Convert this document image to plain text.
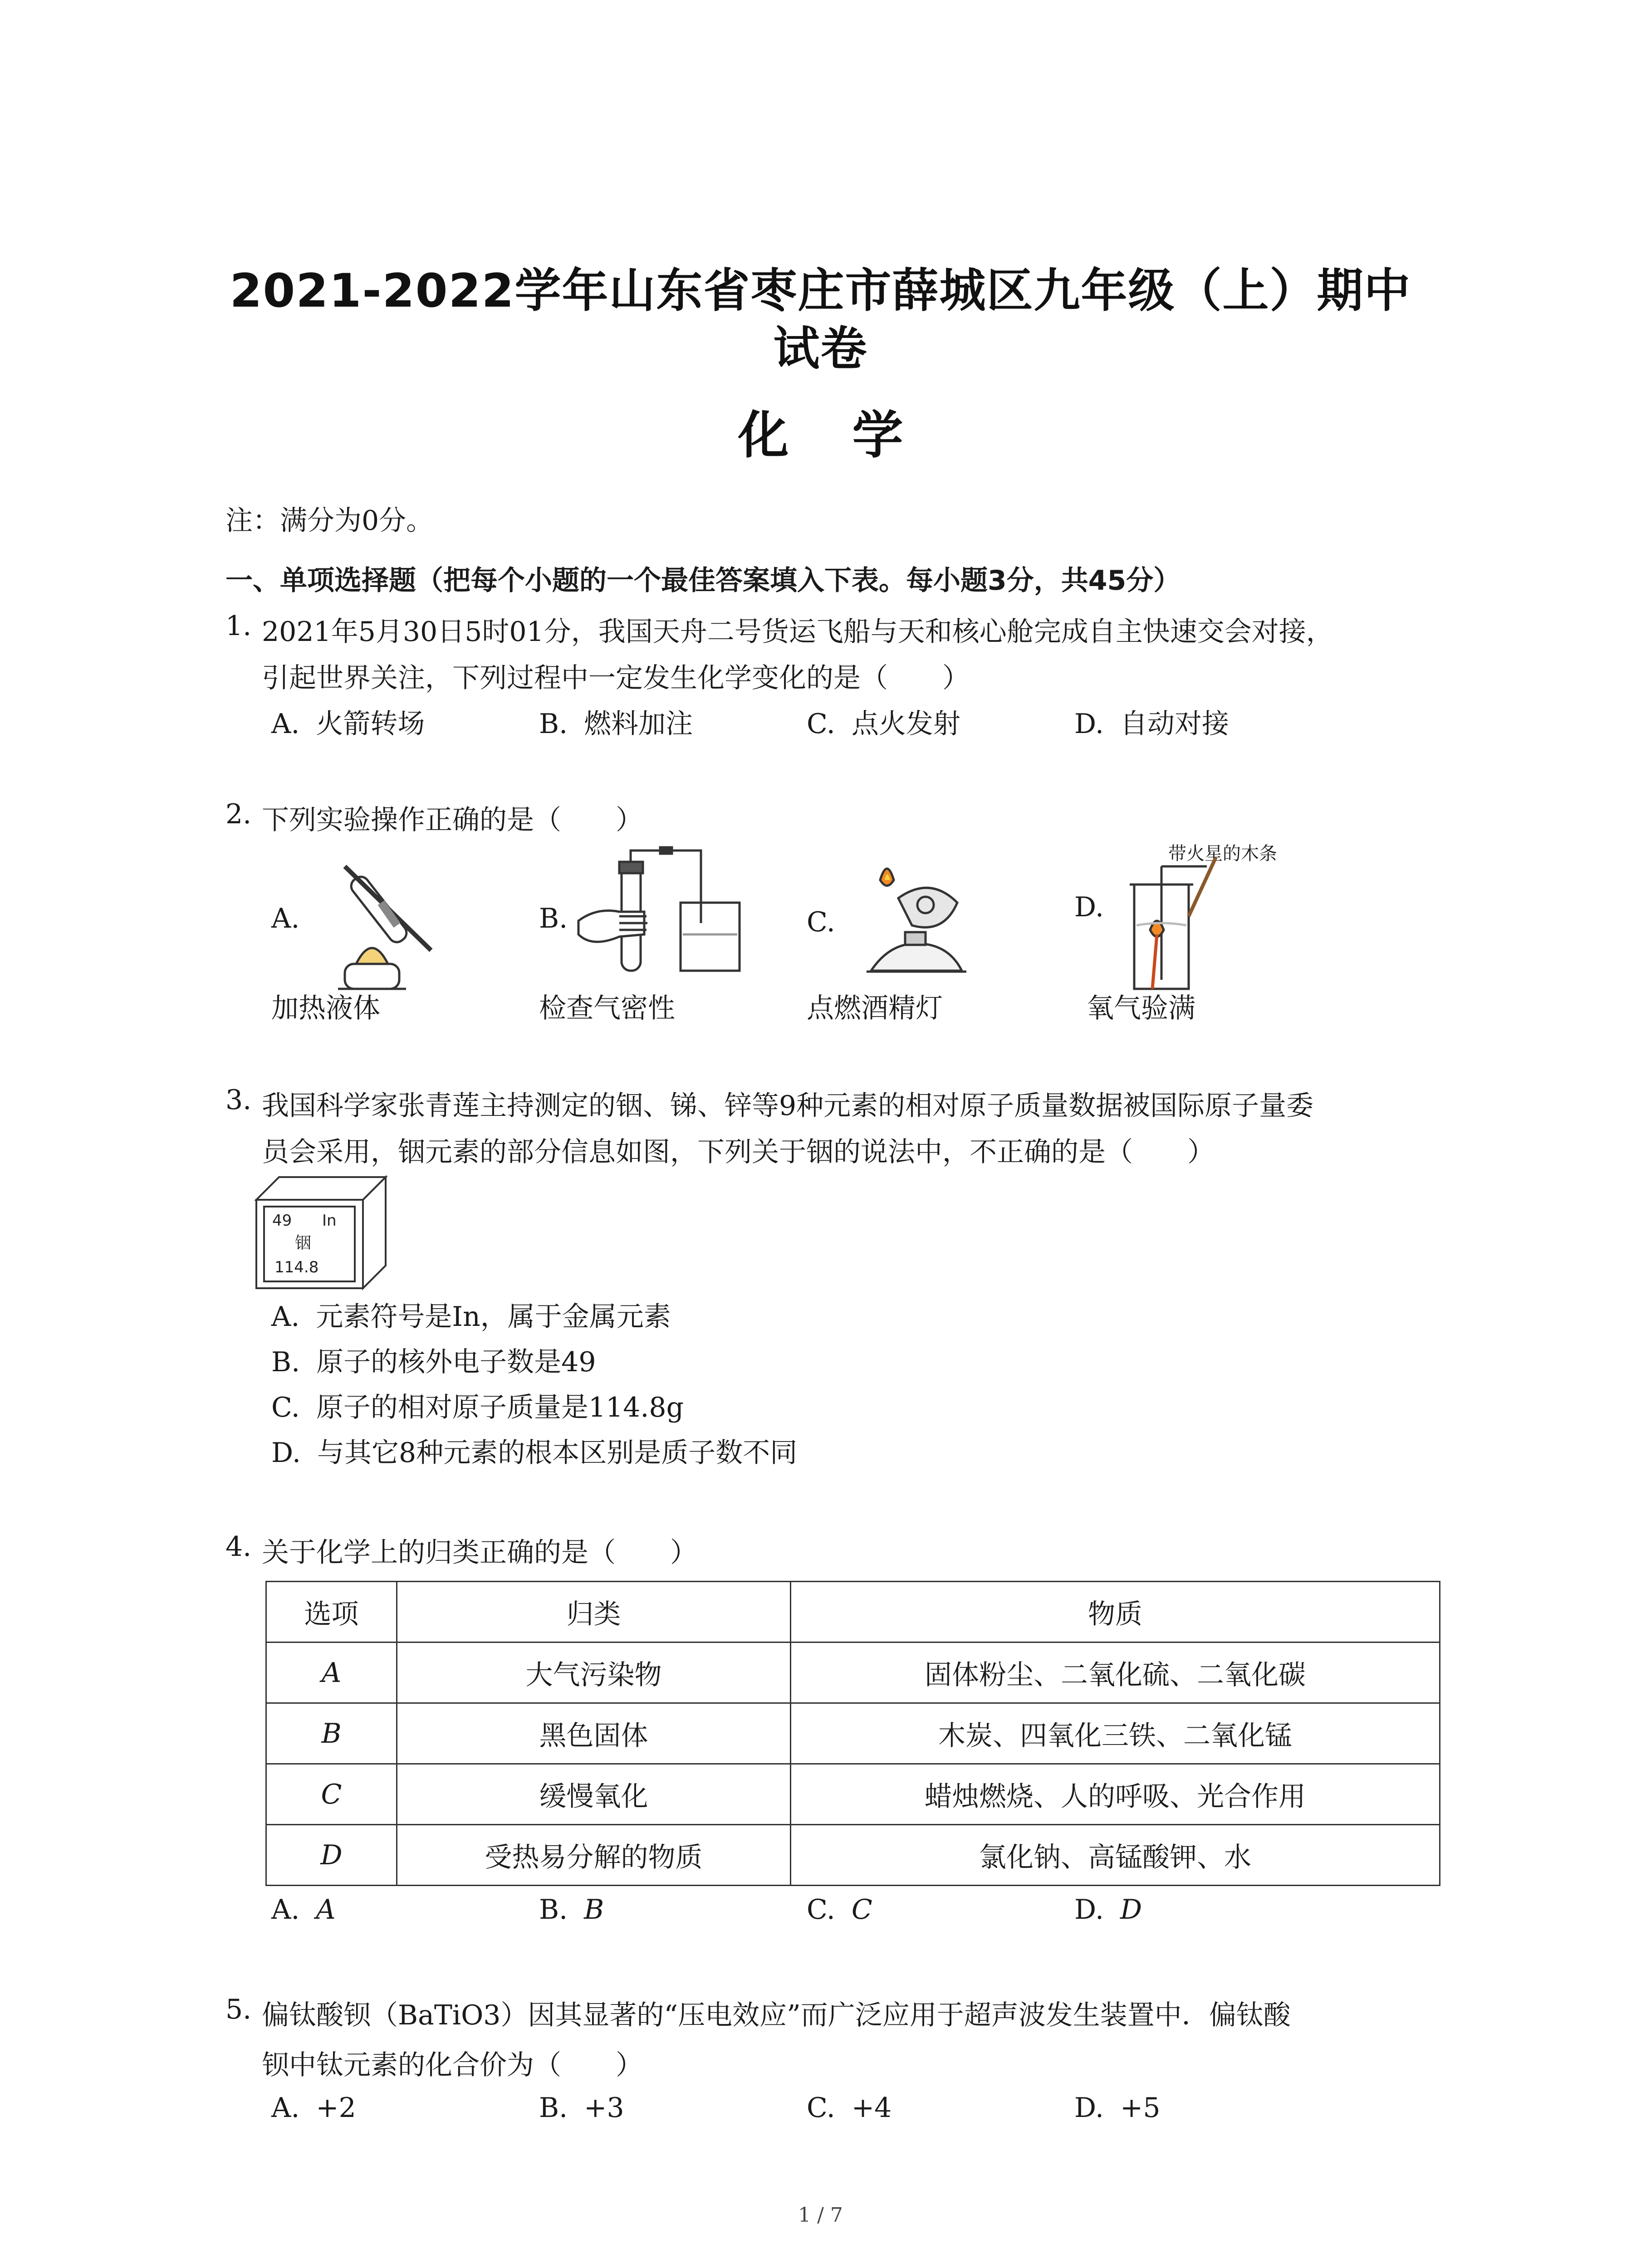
2021-2022学年山东省枣庄市薛城区九年级（上）期中
试卷
化学
注：满分为0分。
一、单项选择题（把每个小题的一个最佳答案填入下表。每小题3分，共45分）
1. 2021年5月30日5时01分，我国天舟二号货运飞船与天和核心舱完成自主快速交会对接，
引起世界关注，下列过程中一定发生化学变化的是（　　）
A. 火箭转场	B. 燃料加注	C. 点火发射	D. 自动对接
2. 下列实验操作正确的是（　　）
A.	B.	C.	D.
带火星的木条
加热液体	检查气密性	点燃酒精灯	氧气验满
3. 我国科学家张青莲主持测定的铟、锑、锌等9种元素的相对原子质量数据被国际原子量委
员会采用，铟元素的部分信息如图，下列关于铟的说法中，不正确的是（　　）
49 In
铟
114.8
A. 元素符号是In，属于金属元素
B. 原子的核外电子数是49
C. 原子的相对原子质量是114.8g
D. 与其它8种元素的根本区别是质子数不同
4. 关于化学上的归类正确的是（　　）
选项	归类	物质
A	大气污染物	固体粉尘、二氧化硫、二氧化碳
B	黑色固体	木炭、四氧化三铁、二氧化锰
C	缓慢氧化	蜡烛燃烧、人的呼吸、光合作用
D	受热易分解的物质	氯化钠、高锰酸钾、水
A. A	B. B	C. C	D. D
5. 偏钛酸钡（BaTiO3）因其显著的“压电效应”而广泛应用于超声波发生装置中．偏钛酸
钡中钛元素的化合价为（　　）
A. +2	B. +3	C. +4	D. +5
1 / 7
